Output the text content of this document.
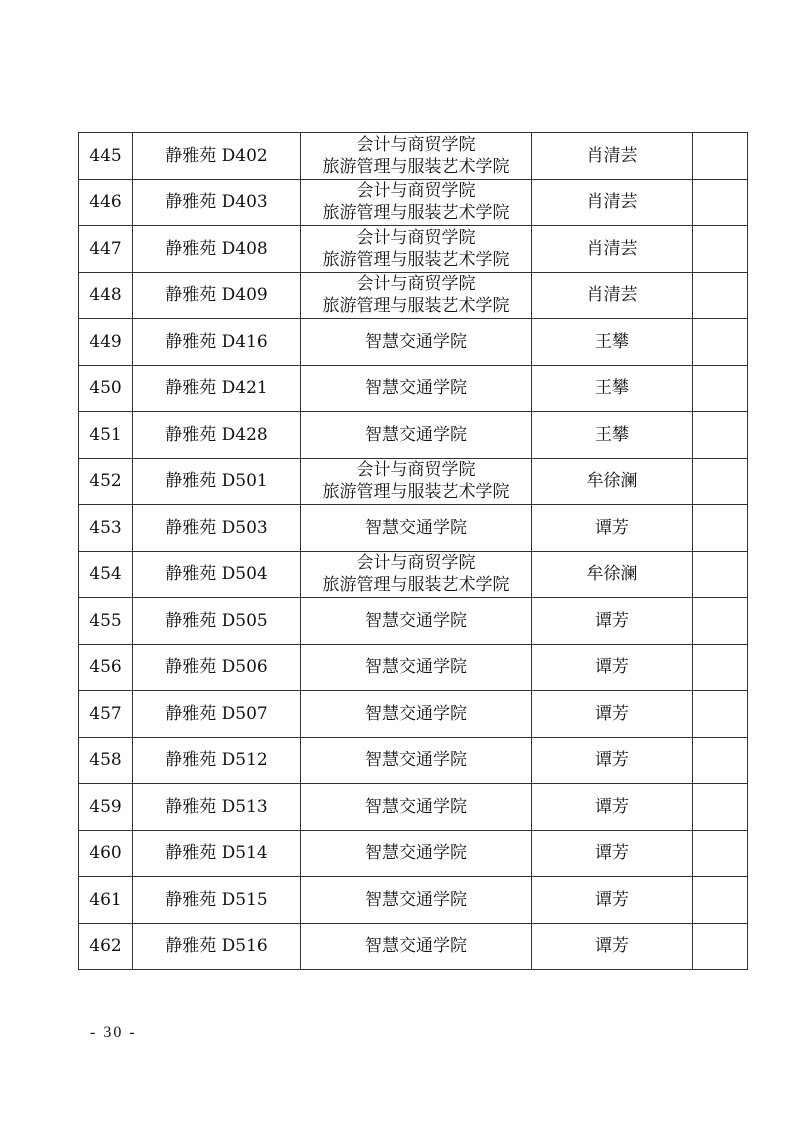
445	静雅苑 D402	会计与商贸学院
旅游管理与服装艺术学院	肖清芸	
446	静雅苑 D403	会计与商贸学院
旅游管理与服装艺术学院	肖清芸	
447	静雅苑 D408	会计与商贸学院
旅游管理与服装艺术学院	肖清芸	
448	静雅苑 D409	会计与商贸学院
旅游管理与服装艺术学院	肖清芸	
449	静雅苑 D416	智慧交通学院	王攀	
450	静雅苑 D421	智慧交通学院	王攀	
451	静雅苑 D428	智慧交通学院	王攀	
452	静雅苑 D501	会计与商贸学院
旅游管理与服装艺术学院	牟徐澜	
453	静雅苑 D503	智慧交通学院	谭芳	
454	静雅苑 D504	会计与商贸学院
旅游管理与服装艺术学院	牟徐澜	
455	静雅苑 D505	智慧交通学院	谭芳	
456	静雅苑 D506	智慧交通学院	谭芳	
457	静雅苑 D507	智慧交通学院	谭芳	
458	静雅苑 D512	智慧交通学院	谭芳	
459	静雅苑 D513	智慧交通学院	谭芳	
460	静雅苑 D514	智慧交通学院	谭芳	
461	静雅苑 D515	智慧交通学院	谭芳	
462	静雅苑 D516	智慧交通学院	谭芳	
- 30 -
